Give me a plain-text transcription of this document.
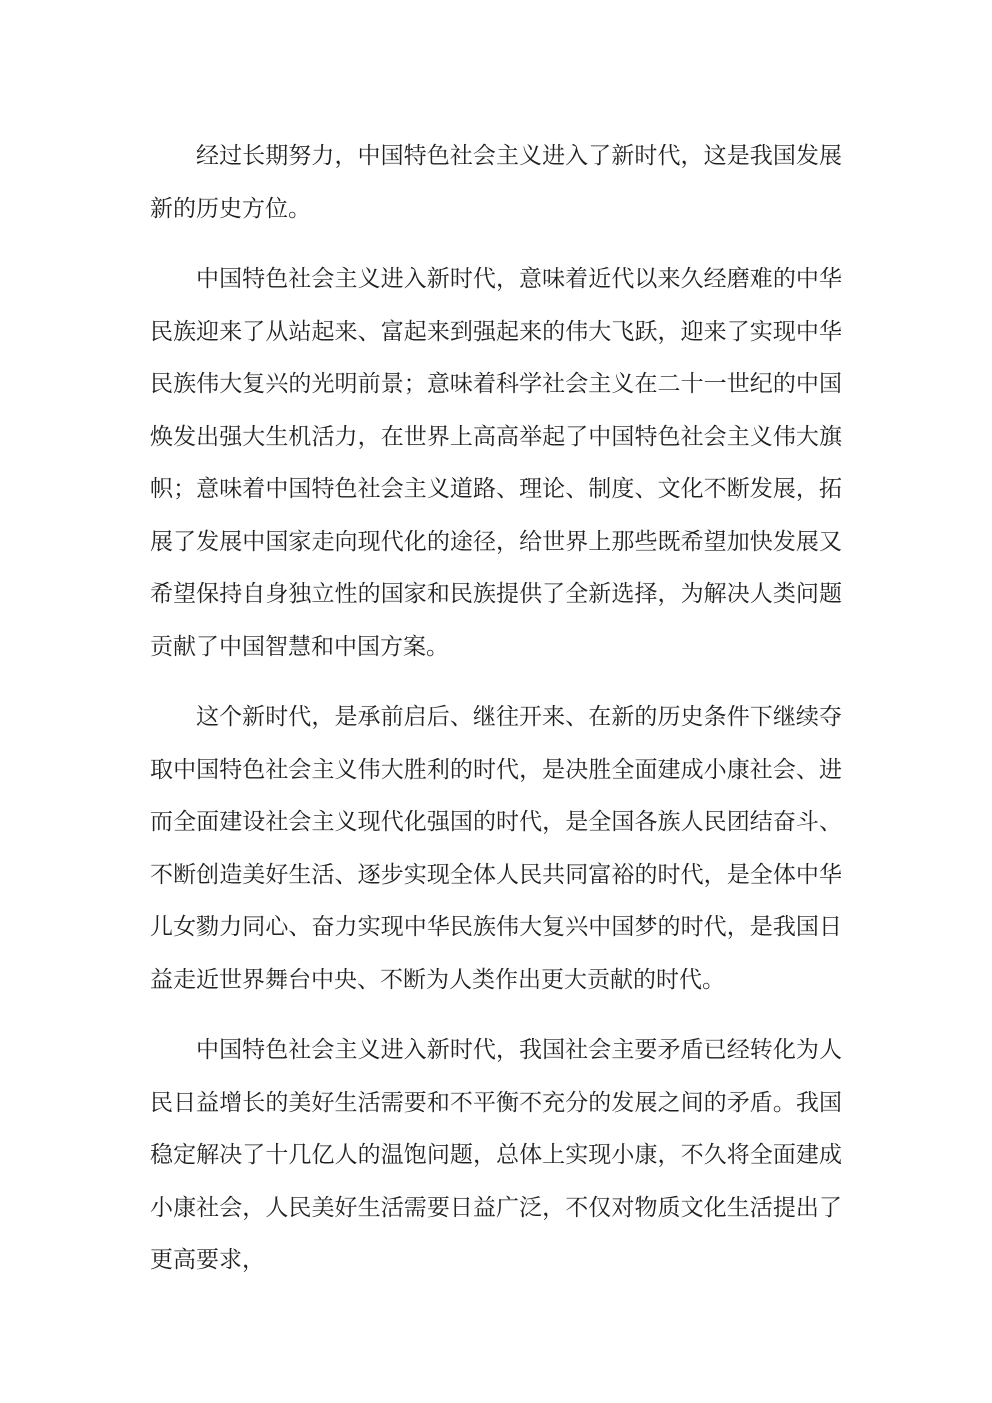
经过长期努力，中国特色社会主义进入了新时代，这是我国发展新的历史方位。

中国特色社会主义进入新时代，意味着近代以来久经磨难的中华民族迎来了从站起来、富起来到强起来的伟大飞跃，迎来了实现中华民族伟大复兴的光明前景；意味着科学社会主义在二十一世纪的中国焕发出强大生机活力，在世界上高高举起了中国特色社会主义伟大旗帜；意味着中国特色社会主义道路、理论、制度、文化不断发展，拓展了发展中国家走向现代化的途径，给世界上那些既希望加快发展又希望保持自身独立性的国家和民族提供了全新选择，为解决人类问题贡献了中国智慧和中国方案。

这个新时代，是承前启后、继往开来、在新的历史条件下继续夺取中国特色社会主义伟大胜利的时代，是决胜全面建成小康社会、进而全面建设社会主义现代化强国的时代，是全国各族人民团结奋斗、不断创造美好生活、逐步实现全体人民共同富裕的时代，是全体中华儿女勠力同心、奋力实现中华民族伟大复兴中国梦的时代，是我国日益走近世界舞台中央、不断为人类作出更大贡献的时代。

中国特色社会主义进入新时代，我国社会主要矛盾已经转化为人民日益增长的美好生活需要和不平衡不充分的发展之间的矛盾。我国稳定解决了十几亿人的温饱问题，总体上实现小康，不久将全面建成小康社会，人民美好生活需要日益广泛，不仅对物质文化生活提出了更高要求，
